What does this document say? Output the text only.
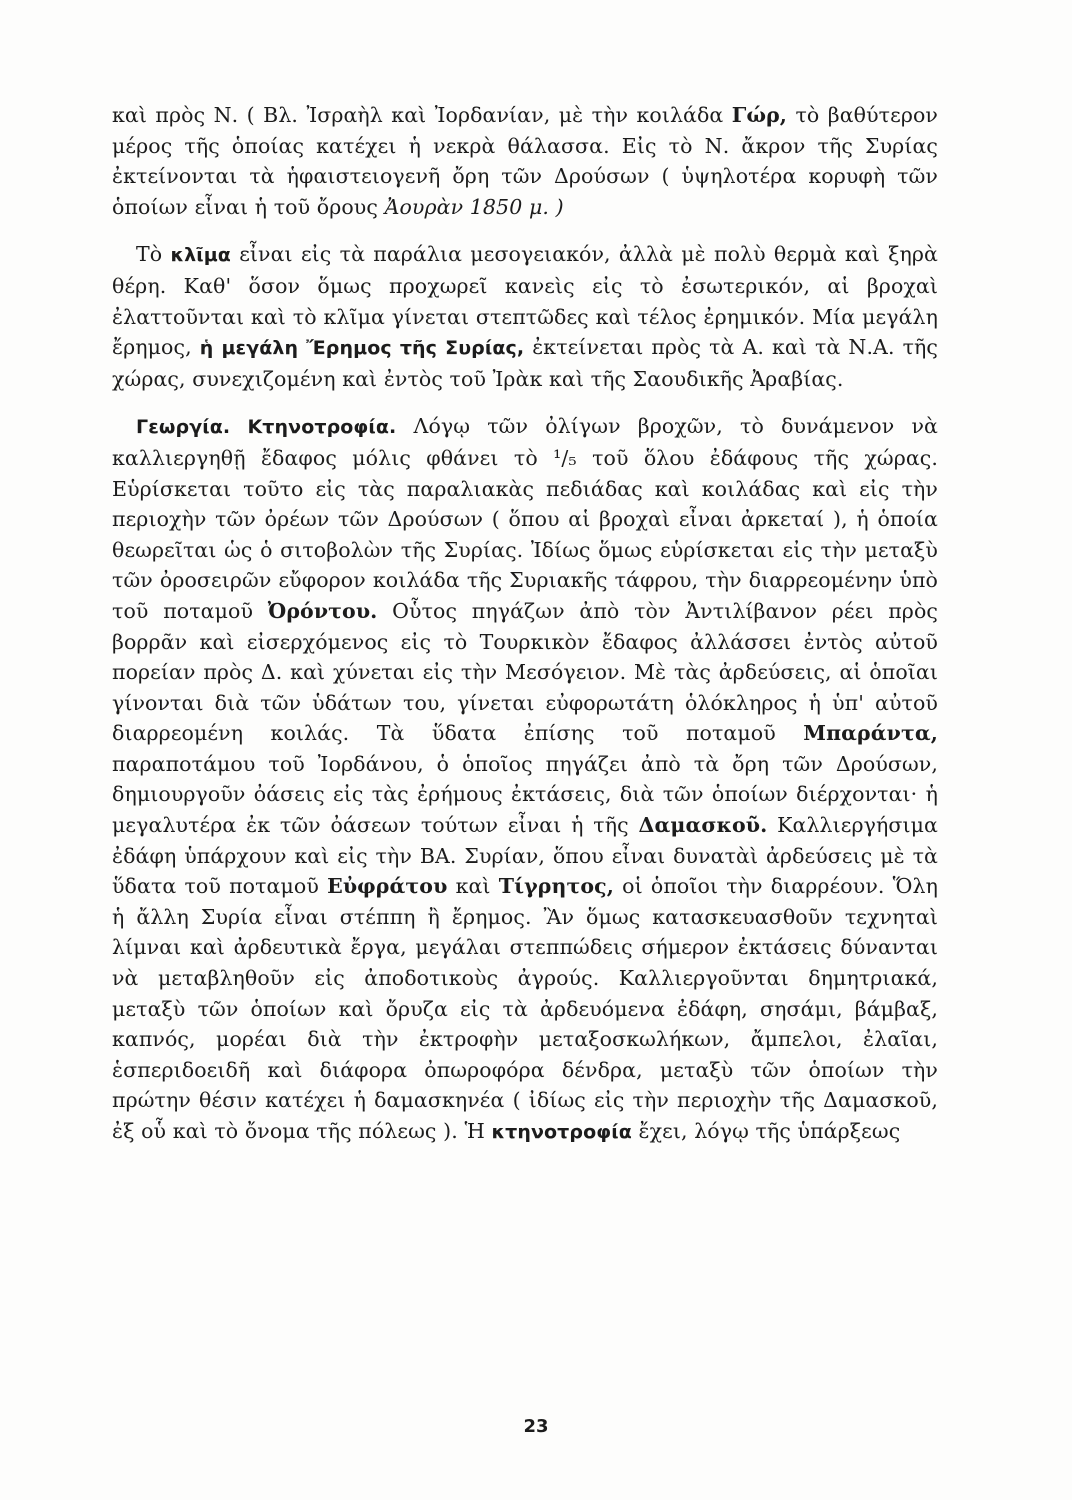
καὶ πρὸς Ν. ( Βλ. Ἰσραὴλ καὶ Ἰορδανίαν, μὲ τὴν κοιλάδα Γώρ, τὸ βαθύτερον μέρος τῆς ὁποίας κατέχει ἡ νεκρὰ θάλασσα. Εἰς τὸ Ν. ἄκρον τῆς Συρίας ἐκτείνονται τὰ ἡφαιστειογενῆ ὄρη τῶν Δρούσων ( ὑψηλοτέρα κορυφὴ τῶν ὁποίων εἶναι ἡ τοῦ ὄρους Ἀουρὰν 1850 μ. )

Τὸ κλῖμα εἶναι εἰς τὰ παράλια μεσογειακόν, ἀλλὰ μὲ πολὺ θερμὰ καὶ ξηρὰ θέρη. Καθ' ὅσον ὅμως προχωρεῖ κανεὶς εἰς τὸ ἐσωτερικόν, αἱ βροχαὶ ἐλαττοῦνται καὶ τὸ κλῖμα γίνεται στεπτῶδες καὶ τέλος ἐρημικόν. Μία μεγάλη ἔρημος, ἡ μεγάλη Ἔρημος τῆς Συρίας, ἐκτείνεται πρὸς τὰ Α. καὶ τὰ Ν.Α. τῆς χώρας, συνεχιζομένη καὶ ἐντὸς τοῦ Ἰρὰκ καὶ τῆς Σαουδικῆς Ἀραβίας.

Γεωργία. Κτηνοτροφία. Λόγῳ τῶν ὀλίγων βροχῶν, τὸ δυνάμενον νὰ καλλιεργηθῇ ἔδαφος μόλις φθάνει τὸ ¹/₅ τοῦ ὅλου ἐδάφους τῆς χώρας. Εὑρίσκεται τοῦτο εἰς τὰς παραλιακὰς πεδιάδας καὶ κοιλάδας καὶ εἰς τὴν περιοχὴν τῶν ὀρέων τῶν Δρούσων ( ὅπου αἱ βροχαὶ εἶναι ἀρκεταί ), ἡ ὁποία θεωρεῖται ὡς ὁ σιτοβολὼν τῆς Συρίας. Ἰδίως ὅμως εὑρίσκεται εἰς τὴν μεταξὺ τῶν ὀροσειρῶν εὔφορον κοιλάδα τῆς Συριακῆς τάφρου, τὴν διαρρεομένην ὑπὸ τοῦ ποταμοῦ Ὀρόντου. Οὗτος πηγάζων ἀπὸ τὸν Ἀντιλίβανον ρέει πρὸς βορρᾶν καὶ εἰσερχόμενος εἰς τὸ Τουρκικὸν ἔδαφος ἀλλάσσει ἐντὸς αὐτοῦ πορείαν πρὸς Δ. καὶ χύνεται εἰς τὴν Μεσόγειον. Μὲ τὰς ἀρδεύσεις, αἱ ὁποῖαι γίνονται διὰ τῶν ὑδάτων του, γίνεται εὐφορωτάτη ὁλόκληρος ἡ ὑπ' αὐτοῦ διαρρεομένη κοιλάς. Τὰ ὕδατα ἐπίσης τοῦ ποταμοῦ Μπαράντα, παραποτάμου τοῦ Ἰορδάνου, ὁ ὁποῖος πηγάζει ἀπὸ τὰ ὄρη τῶν Δρούσων, δημιουργοῦν ὀάσεις εἰς τὰς ἐρήμους ἐκτάσεις, διὰ τῶν ὁποίων διέρχονται· ἡ μεγαλυτέρα ἐκ τῶν ὀάσεων τούτων εἶναι ἡ τῆς Δαμασκοῦ. Καλλιεργήσιμα ἐδάφη ὑπάρχουν καὶ εἰς τὴν ΒΑ. Συρίαν, ὅπου εἶναι δυνατὰὶ ἀρδεύσεις μὲ τὰ ὕδατα τοῦ ποταμοῦ Εὐφράτου καὶ Τίγρητος, οἱ ὁποῖοι τὴν διαρρέουν. Ὅλη ἡ ἄλλη Συρία εἶναι στέππη ἢ ἔρημος. Ἂν ὅμως κατασκευασθοῦν τεχνηταὶ λίμναι καὶ ἀρδευτικὰ ἔργα, μεγάλαι στεππώδεις σήμερον ἐκτάσεις δύνανται νὰ μεταβληθοῦν εἰς ἀποδοτικοὺς ἀγρούς. Καλλιεργοῦνται δημητριακά, μεταξὺ τῶν ὁποίων καὶ ὄρυζα εἰς τὰ ἀρδευόμενα ἐδάφη, σησάμι, βάμβαξ, καπνός, μορέαι διὰ τὴν ἐκτροφὴν μεταξοσκωλήκων, ἄμπελοι, ἐλαῖαι, ἑσπεριδοειδῆ καὶ διάφορα ὀπωροφόρα δένδρα, μεταξὺ τῶν ὁποίων τὴν πρώτην θέσιν κατέχει ἡ δαμασκηνέα ( ἰδίως εἰς τὴν περιοχὴν τῆς Δαμασκοῦ, ἐξ οὗ καὶ τὸ ὄνομα τῆς πόλεως ). Ἡ κτηνοτροφία ἔχει, λόγῳ τῆς ὑπάρξεως

23
